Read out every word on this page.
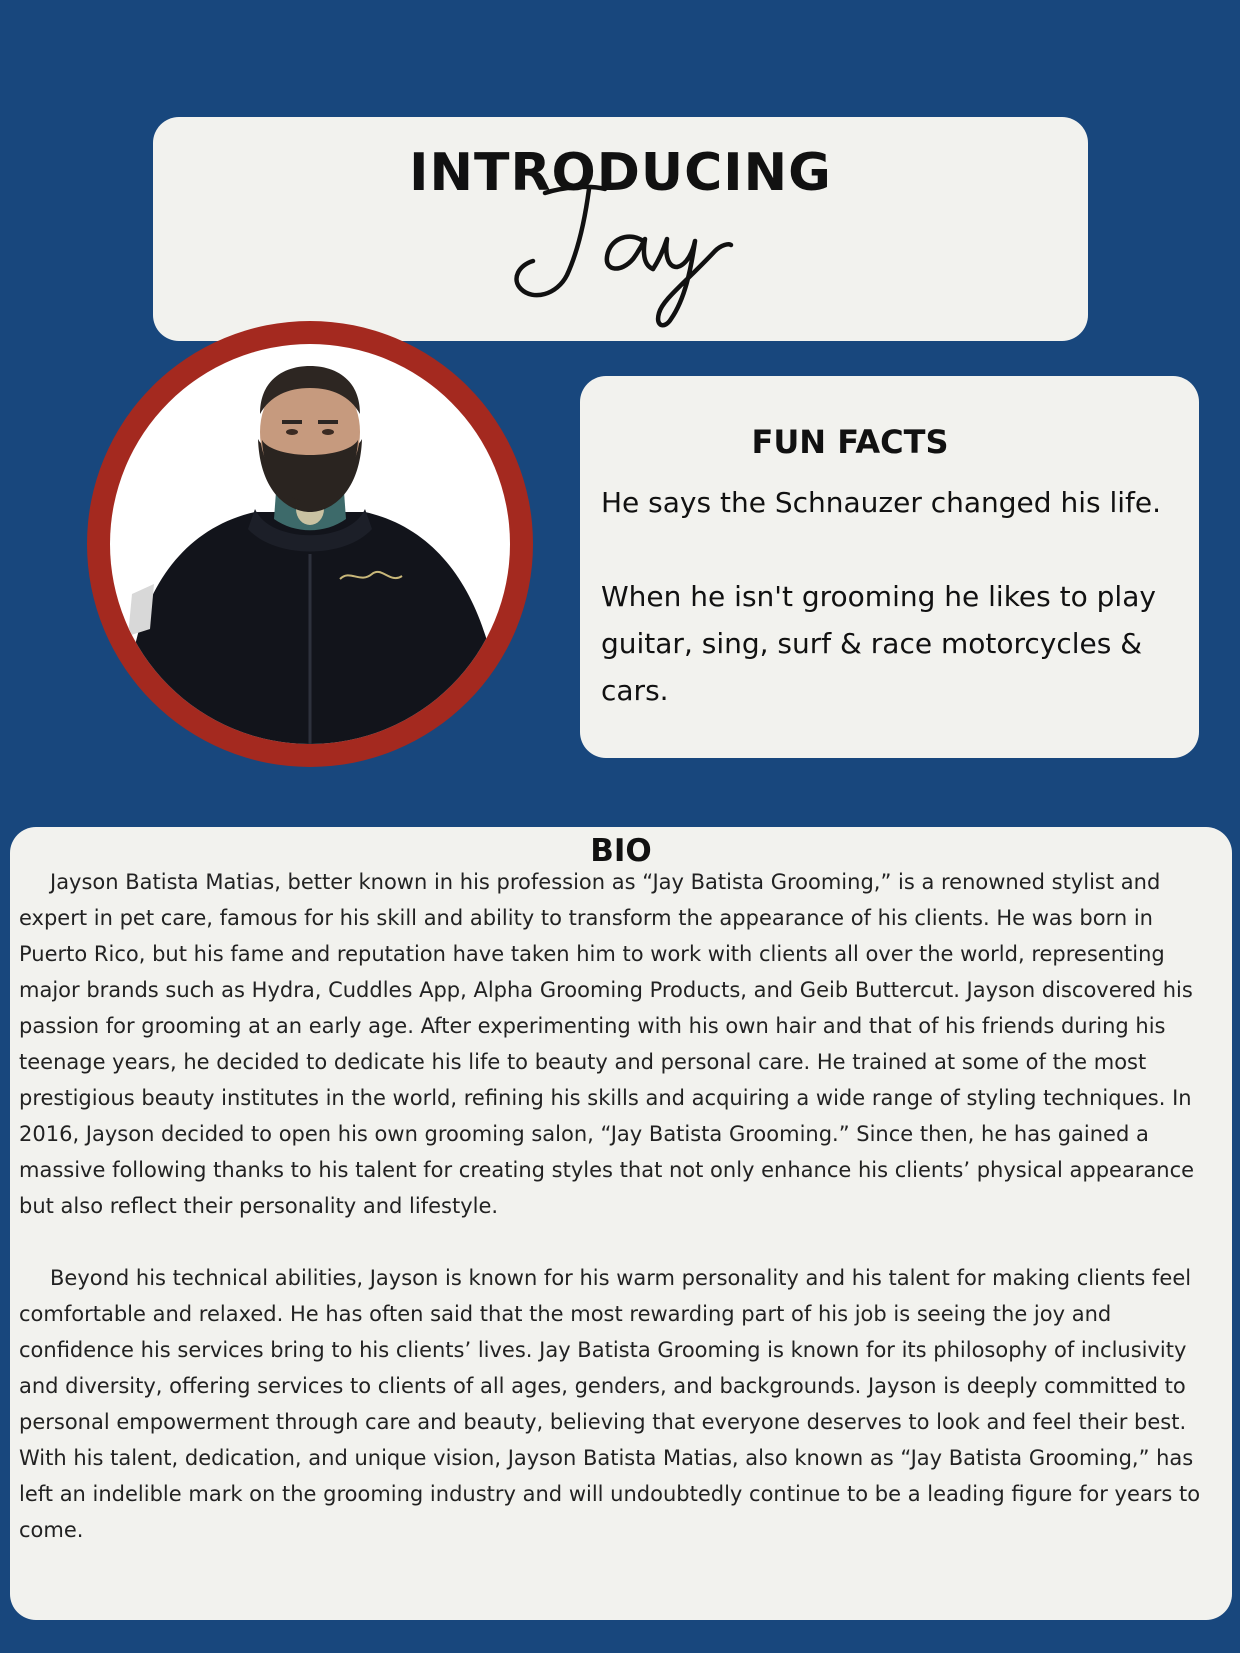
INTRODUCING
FUN FACTS

He says the Schnauzer changed his life.

When he isn't grooming he likes to play guitar, sing, surf & race motorcycles & cars.

BIO

Jayson Batista Matias, better known in his profession as “Jay Batista Grooming,” is a renowned stylist and expert in pet care, famous for his skill and ability to transform the appearance of his clients. He was born in Puerto Rico, but his fame and reputation have taken him to work with clients all over the world, representing major brands such as Hydra, Cuddles App, Alpha Grooming Products, and Geib Buttercut. Jayson discovered his passion for grooming at an early age. After experimenting with his own hair and that of his friends during his teenage years, he decided to dedicate his life to beauty and personal care. He trained at some of the most prestigious beauty institutes in the world, refining his skills and acquiring a wide range of styling techniques. In 2016, Jayson decided to open his own grooming salon, “Jay Batista Grooming.” Since then, he has gained a massive following thanks to his talent for creating styles that not only enhance his clients’ physical appearance but also reflect their personality and lifestyle.

Beyond his technical abilities, Jayson is known for his warm personality and his talent for making clients feel comfortable and relaxed. He has often said that the most rewarding part of his job is seeing the joy and confidence his services bring to his clients’ lives. Jay Batista Grooming is known for its philosophy of inclusivity and diversity, offering services to clients of all ages, genders, and backgrounds. Jayson is deeply committed to personal empowerment through care and beauty, believing that everyone deserves to look and feel their best. With his talent, dedication, and unique vision, Jayson Batista Matias, also known as “Jay Batista Grooming,” has left an indelible mark on the grooming industry and will undoubtedly continue to be a leading figure for years to come.
